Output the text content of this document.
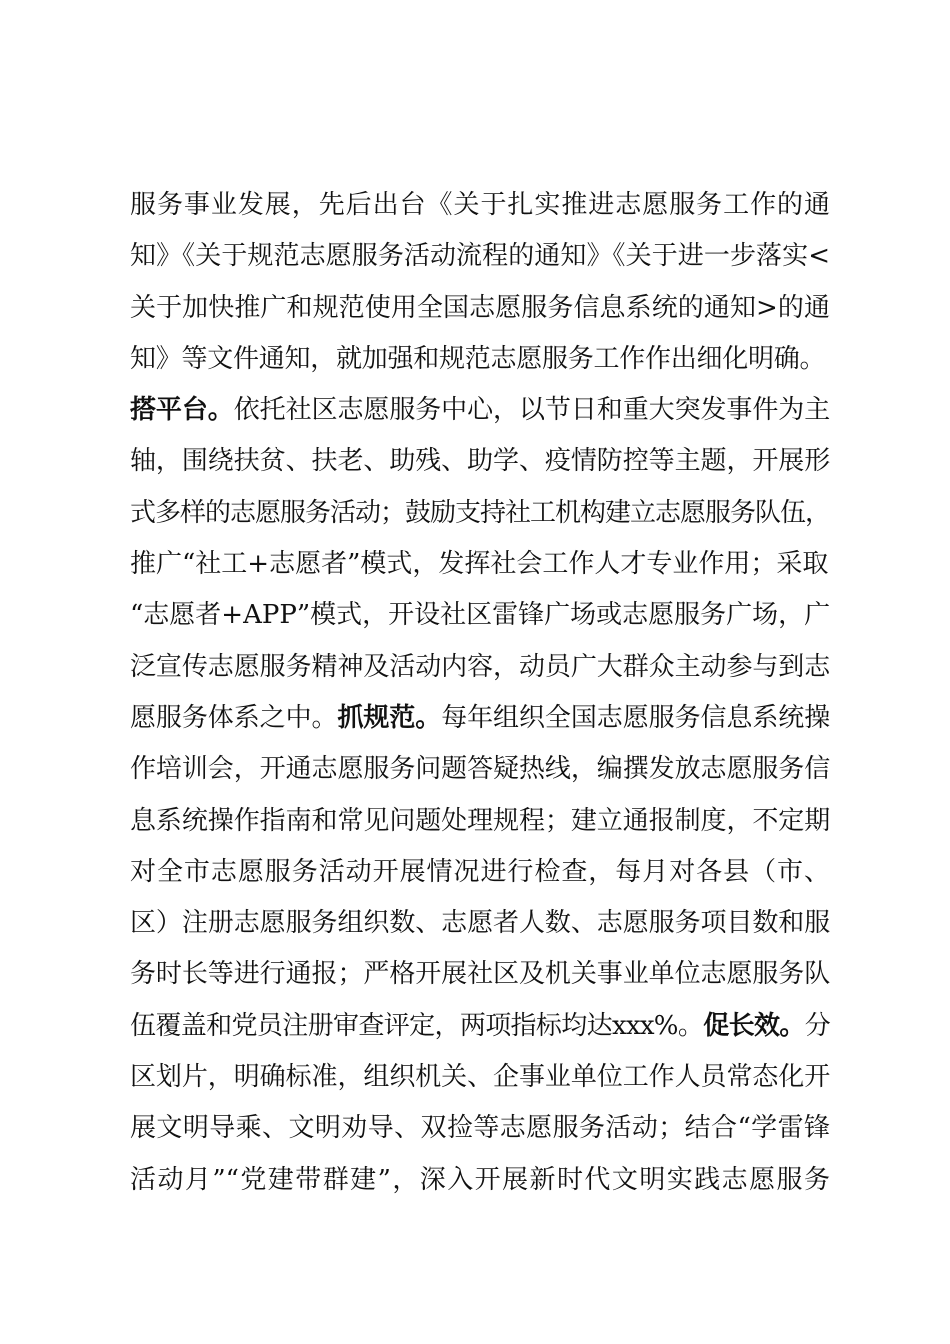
服务事业发展，先后出台《关于扎实推进志愿服务工作的通
知》《关于规范志愿服务活动流程的通知》《关于进一步落实<
关于加快推广和规范使用全国志愿服务信息系统的通知>的通
知》等文件通知，就加强和规范志愿服务工作作出细化明确。
搭平台。依托社区志愿服务中心，以节日和重大突发事件为主
轴，围绕扶贫、扶老、助残、助学、疫情防控等主题，开展形
式多样的志愿服务活动；鼓励支持社工机构建立志愿服务队伍，
推广“社工+志愿者”模式，发挥社会工作人才专业作用；采取
“志愿者+APP”模式，开设社区雷锋广场或志愿服务广场，广
泛宣传志愿服务精神及活动内容，动员广大群众主动参与到志
愿服务体系之中。抓规范。每年组织全国志愿服务信息系统操
作培训会，开通志愿服务问题答疑热线，编撰发放志愿服务信
息系统操作指南和常见问题处理规程；建立通报制度，不定期
对全市志愿服务活动开展情况进行检查，每月对各县（市、
区）注册志愿服务组织数、志愿者人数、志愿服务项目数和服
务时长等进行通报；严格开展社区及机关事业单位志愿服务队
伍覆盖和党员注册审查评定，两项指标均达xxx%。促长效。分
区划片，明确标准，组织机关、企事业单位工作人员常态化开
展文明导乘、文明劝导、双捡等志愿服务活动；结合“学雷锋
活动月”“党建带群建”，深入开展新时代文明实践志愿服务
